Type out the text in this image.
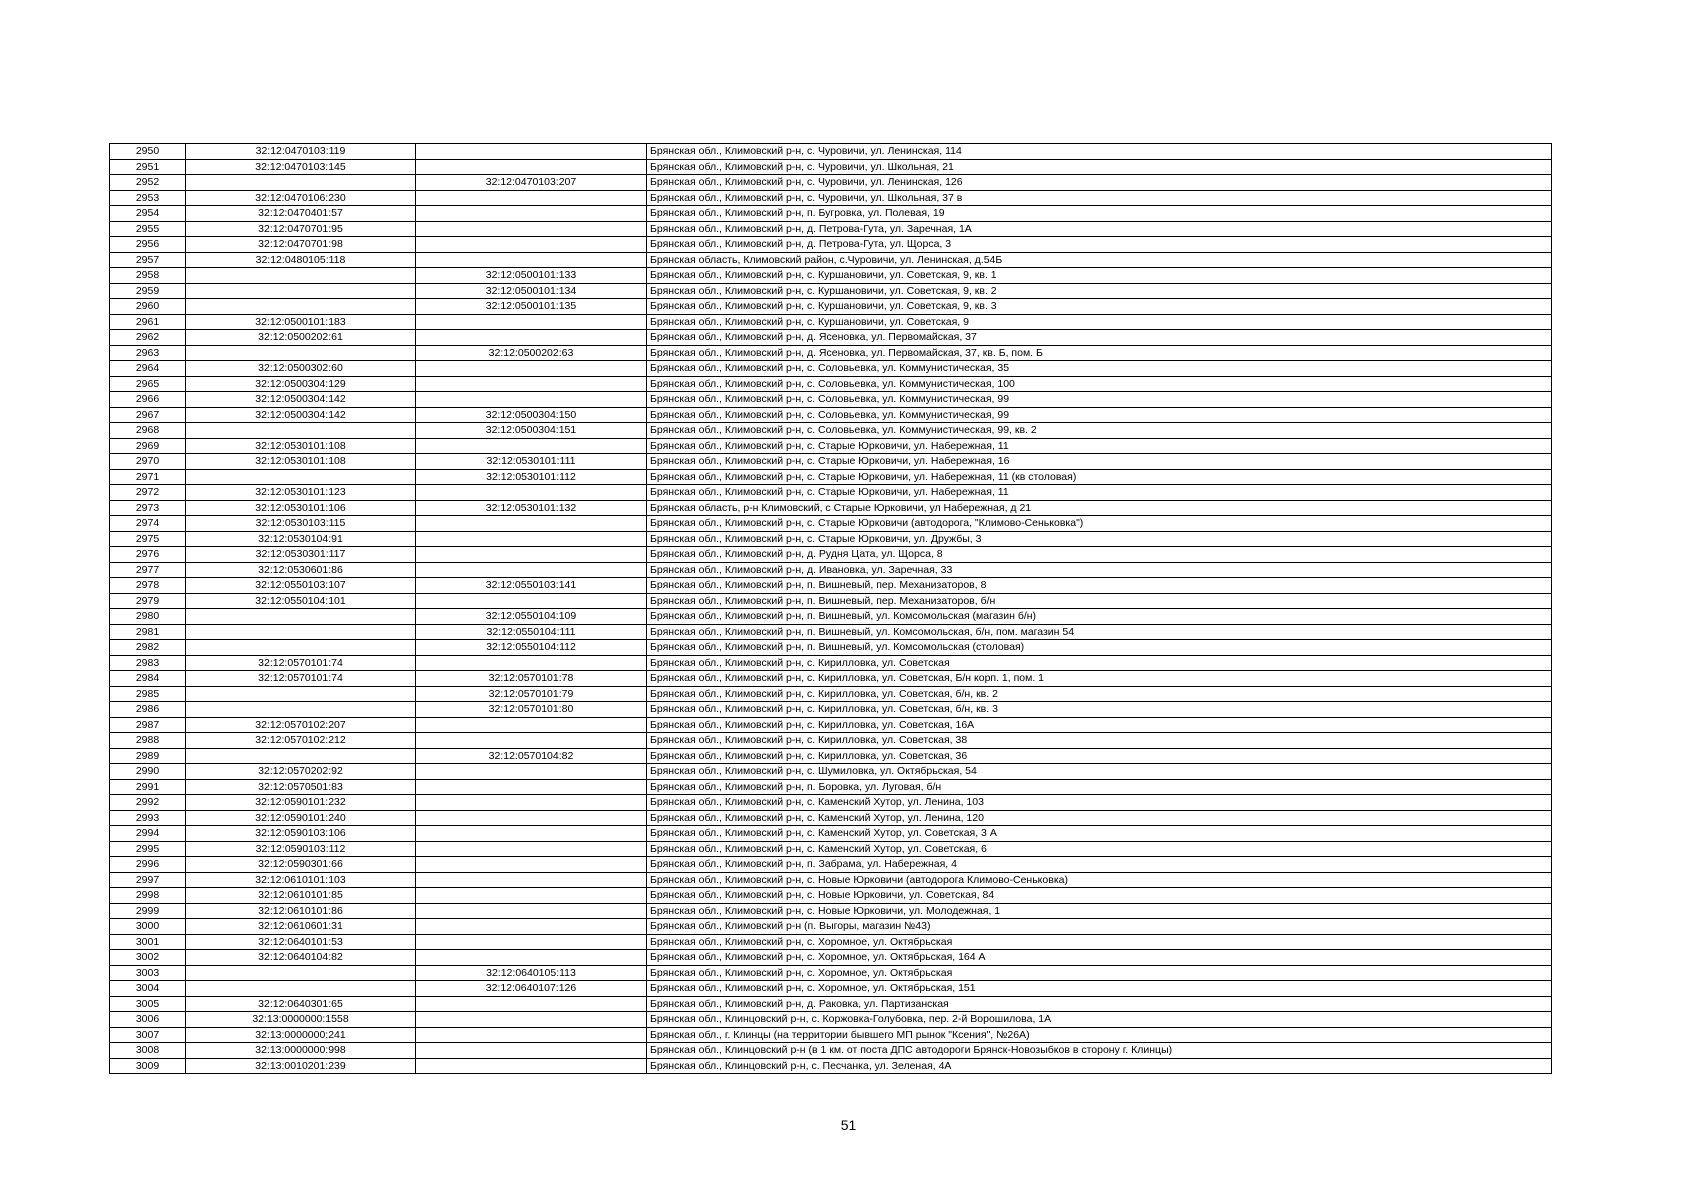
2950	32:12:0470103:119		Брянская обл., Климовский р-н, с. Чуровичи, ул. Ленинская, 114
2951	32:12:0470103:145		Брянская обл., Климовский р-н, с. Чуровичи, ул. Школьная, 21
2952		32:12:0470103:207	Брянская обл., Климовский р-н, с. Чуровичи, ул. Ленинская, 126
2953	32:12:0470106:230		Брянская обл., Климовский р-н, с. Чуровичи, ул. Школьная, 37 в
2954	32:12:0470401:57		Брянская обл., Климовский р-н, п. Бугровка, ул. Полевая, 19
2955	32:12:0470701:95		Брянская обл., Климовский р-н, д. Петрова-Гута, ул. Заречная, 1А
2956	32:12:0470701:98		Брянская обл., Климовский р-н, д. Петрова-Гута, ул. Щорса, 3
2957	32:12:0480105:118		Брянская область, Климовский район, с.Чуровичи, ул. Ленинская, д.54Б
2958		32:12:0500101:133	Брянская обл., Климовский р-н, с. Куршановичи, ул. Советская, 9, кв. 1
2959		32:12:0500101:134	Брянская обл., Климовский р-н, с. Куршановичи, ул. Советская, 9, кв. 2
2960		32:12:0500101:135	Брянская обл., Климовский р-н, с. Куршановичи, ул. Советская, 9, кв. 3
2961	32:12:0500101:183		Брянская обл., Климовский р-н, с. Куршановичи, ул. Советская, 9
2962	32:12:0500202:61		Брянская обл., Климовский р-н, д. Ясеновка, ул. Первомайская, 37
2963		32:12:0500202:63	Брянская обл., Климовский р-н, д. Ясеновка, ул. Первомайская, 37, кв. Б, пом. Б
2964	32:12:0500302:60		Брянская обл., Климовский р-н, с. Соловьевка, ул. Коммунистическая, 35
2965	32:12:0500304:129		Брянская обл., Климовский р-н, с. Соловьевка, ул. Коммунистическая, 100
2966	32:12:0500304:142		Брянская обл., Климовский р-н, с. Соловьевка, ул. Коммунистическая, 99
2967	32:12:0500304:142	32:12:0500304:150	Брянская обл., Климовский р-н, с. Соловьевка, ул. Коммунистическая, 99
2968		32:12:0500304:151	Брянская обл., Климовский р-н, с. Соловьевка, ул. Коммунистическая, 99, кв. 2
2969	32:12:0530101:108		Брянская обл., Климовский р-н, с. Старые Юрковичи, ул. Набережная, 11
2970	32:12:0530101:108	32:12:0530101:111	Брянская обл., Климовский р-н, с. Старые Юрковичи, ул. Набережная, 16
2971		32:12:0530101:112	Брянская обл., Климовский р-н, с. Старые Юрковичи, ул. Набережная, 11 (кв столовая)
2972	32:12:0530101:123		Брянская обл., Климовский р-н, с. Старые Юрковичи, ул. Набережная, 11
2973	32:12:0530101:106	32:12:0530101:132	Брянская область, р-н Климовский, с Старые Юрковичи, ул Набережная, д 21
2974	32:12:0530103:115		Брянская обл., Климовский р-н, с. Старые Юрковичи (автодорога, "Климово-Сеньковка")
2975	32:12:0530104:91		Брянская обл., Климовский р-н, с. Старые Юрковичи, ул. Дружбы, 3
2976	32:12:0530301:117		Брянская обл., Климовский р-н, д. Рудня Цата, ул. Щорса, 8
2977	32:12:0530601:86		Брянская обл., Климовский р-н, д. Ивановка, ул. Заречная, 33
2978	32:12:0550103:107	32:12:0550103:141	Брянская обл., Климовский р-н, п. Вишневый, пер. Механизаторов, 8
2979	32:12:0550104:101		Брянская обл., Климовский р-н, п. Вишневый, пер. Механизаторов, б/н
2980		32:12:0550104:109	Брянская обл., Климовский р-н, п. Вишневый, ул. Комсомольская (магазин б/н)
2981		32:12:0550104:111	Брянская обл., Климовский р-н, п. Вишневый, ул. Комсомольская, б/н, пом. магазин 54
2982		32:12:0550104:112	Брянская обл., Климовский р-н, п. Вишневый, ул. Комсомольская (столовая)
2983	32:12:0570101:74		Брянская обл., Климовский р-н, с. Кирилловка, ул. Советская
2984	32:12:0570101:74	32:12:0570101:78	Брянская обл., Климовский р-н, с. Кирилловка, ул. Советская, Б/н корп. 1, пом. 1
2985		32:12:0570101:79	Брянская обл., Климовский р-н, с. Кирилловка, ул. Советская, б/н, кв. 2
2986		32:12:0570101:80	Брянская обл., Климовский р-н, с. Кирилловка, ул. Советская, б/н, кв. 3
2987	32:12:0570102:207		Брянская обл., Климовский р-н, с. Кирилловка, ул. Советская, 16А
2988	32:12:0570102:212		Брянская обл., Климовский р-н, с. Кирилловка, ул. Советская, 38
2989		32:12:0570104:82	Брянская обл., Климовский р-н, с. Кирилловка, ул. Советская, 36
2990	32:12:0570202:92		Брянская обл., Климовский р-н, с. Шумиловка, ул. Октябрьская, 54
2991	32:12:0570501:83		Брянская обл., Климовский р-н, п. Боровка, ул. Луговая, б/н
2992	32:12:0590101:232		Брянская обл., Климовский р-н, с. Каменский Хутор, ул. Ленина, 103
2993	32:12:0590101:240		Брянская обл., Климовский р-н, с. Каменский Хутор, ул. Ленина, 120
2994	32:12:0590103:106		Брянская обл., Климовский р-н, с. Каменский Хутор, ул. Советская, 3 А
2995	32:12:0590103:112		Брянская обл., Климовский р-н, с. Каменский Хутор, ул. Советская, 6
2996	32:12:0590301:66		Брянская обл., Климовский р-н, п. Забрама, ул. Набережная, 4
2997	32:12:0610101:103		Брянская обл., Климовский р-н, с. Новые Юрковичи (автодорога Климово-Сеньковка)
2998	32:12:0610101:85		Брянская обл., Климовский р-н, с. Новые Юрковичи, ул. Советская, 84
2999	32:12:0610101:86		Брянская обл., Климовский р-н, с. Новые Юрковичи, ул. Молодежная, 1
3000	32:12:0610601:31		Брянская обл., Климовский р-н (п. Выгоры, магазин №43)
3001	32:12:0640101:53		Брянская обл., Климовский р-н, с. Хоромное, ул. Октябрьская
3002	32:12:0640104:82		Брянская обл., Климовский р-н, с. Хоромное, ул. Октябрьская, 164 А
3003		32:12:0640105:113	Брянская обл., Климовский р-н, с. Хоромное, ул. Октябрьская
3004		32:12:0640107:126	Брянская обл., Климовский р-н, с. Хоромное, ул. Октябрьская, 151
3005	32:12:0640301:65		Брянская обл., Климовский р-н, д. Раковка, ул. Партизанская
3006	32:13:0000000:1558		Брянская обл., Клинцовский р-н, с. Коржовка-Голубовка, пер. 2-й Ворошилова, 1А
3007	32:13:0000000:241		Брянская обл., г. Клинцы (на территории бывшего МП рынок "Ксения", №26А)
3008	32:13:0000000:998		Брянская обл., Клинцовский р-н (в 1 км. от поста ДПС автодороги Брянск-Новозыбков в сторону г. Клинцы)
3009	32:13:0010201:239		Брянская обл., Клинцовский р-н, с. Песчанка, ул. Зеленая, 4А
51
